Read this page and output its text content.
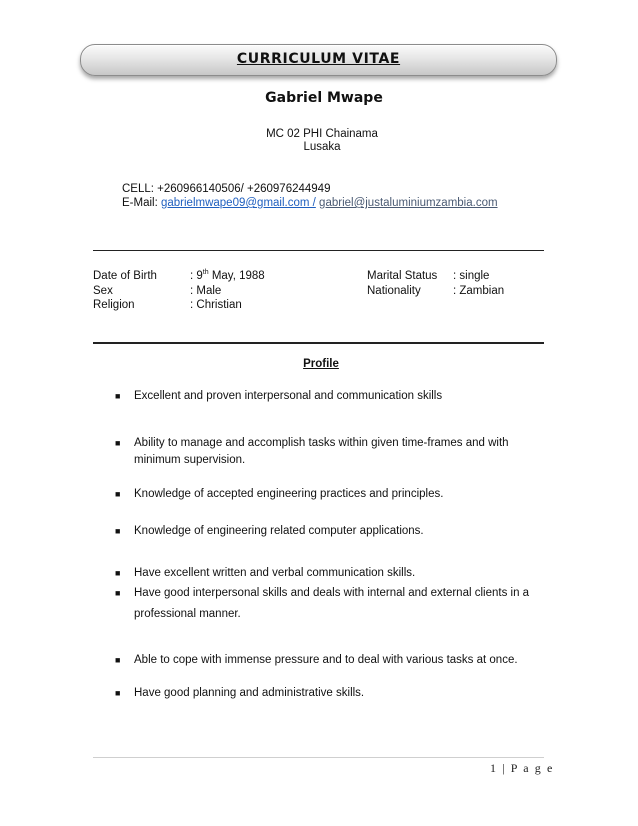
CURRICULUM VITAE
Gabriel Mwape
MC 02 PHI Chainama
Lusaka
CELL: +260966140506/ +260976244949
E-Mail: gabrielmwape09@gmail.com / gabriel@justaluminiumzambia.com
Date of Birth	: 9th May, 1988	Marital Status : single
Sex	: Male	Nationality	: Zambian
Religion	: Christian
Profile
■ Excellent and proven interpersonal and communication skills
■ Ability to manage and accomplish tasks within given time-frames and with minimum supervision.
■ Knowledge of accepted engineering practices and principles.
■ Knowledge of engineering related computer applications.
■ Have excellent written and verbal communication skills.
■ Have good interpersonal skills and deals with internal and external clients in a professional manner.
■ Able to cope with immense pressure and to deal with various tasks at once.
■ Have good planning and administrative skills.
1 | P a g e
